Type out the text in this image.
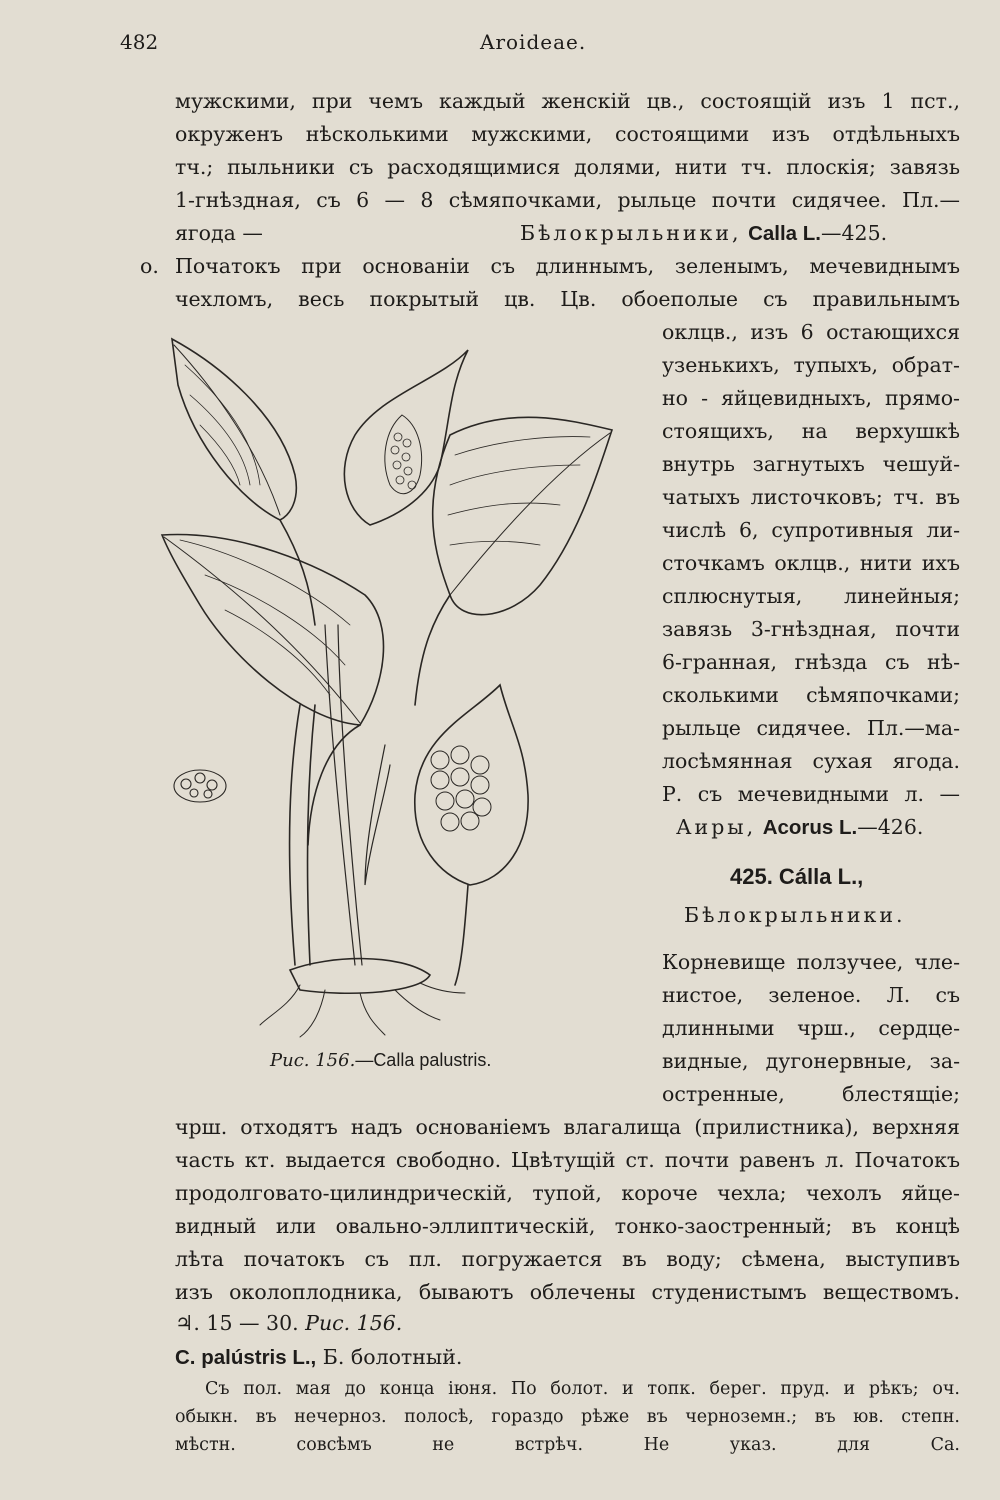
482	Aroideae.
мужскими, при чемъ каждый женскiй цв., состоящiй изъ 1 пст.,
окруженъ нѣсколькими мужскими, состоящими изъ отдѣльныхъ
тч.; пыльники съ расходящимися долями, нити тч. плоскiя; завязь
1-гнѣздная, съ 6 — 8 сѣмяпочками, рыльце почти сидячее. Пл.—
ягода —	Бѣлокрыльники, Calla L.—425.
о. Початокъ при основанiи съ длиннымъ, зеленымъ, мечевиднымъ
чехломъ, весь покрытый цв. Цв. обоеполые съ правильнымъ
оклцв., изъ 6 остающихся
узенькихъ, тупыхъ, обрат-
но - яйцевидныхъ, прямо-
стоящихъ, на верхушкѣ
внутрь загнутыхъ чешуй-
чатыхъ листочковъ; тч. въ
числѣ 6, супротивныя ли-
сточкамъ оклцв., нити ихъ
сплюснутыя, линейныя;
завязь 3-гнѣздная, почти
6-гранная, гнѣзда съ нѣ-
сколькими сѣмяпочками;
рыльце сидячее. Пл.—ма-
лосѣмянная сухая ягода.
Р. съ мечевидными л. —
Аиры, Acorus L.—426.
Рис. 156.—Calla palustris.
425. Cálla L.,
Бѣлокрыльники.
Корневище ползучее, чле-
нистое, зеленое. Л. съ
длинными чрш., сердце-
видные, дугонервные, за-
остренные, блестящiе;
чрш. отходятъ надъ основанiемъ влагалища (прилистника), верхняя
часть кт. выдается свободно. Цвѣтущiй ст. почти равенъ л. Початокъ
продолговато-цилиндрическiй, тупой, короче чехла; чехолъ яйце-
видный или овально-эллиптическiй, тонко-заостренный; въ концѣ
лѣта початокъ съ пл. погружается въ воду; сѣмена, выступивъ
изъ околоплодника, бываютъ облечены студенистымъ веществомъ.
♃. 15 — 30. Рис. 156.
C. palústris L., Б. болотный.
Съ пол. мая до конца iюня. По болот. и топк. берег. пруд. и рѣкъ; оч.
обыкн. въ нечерноз. полосѣ, гораздо рѣже въ черноземн.; въ юв. степн.
мѣстн. совсѣмъ не встрѣч. Не указ. для Са.
